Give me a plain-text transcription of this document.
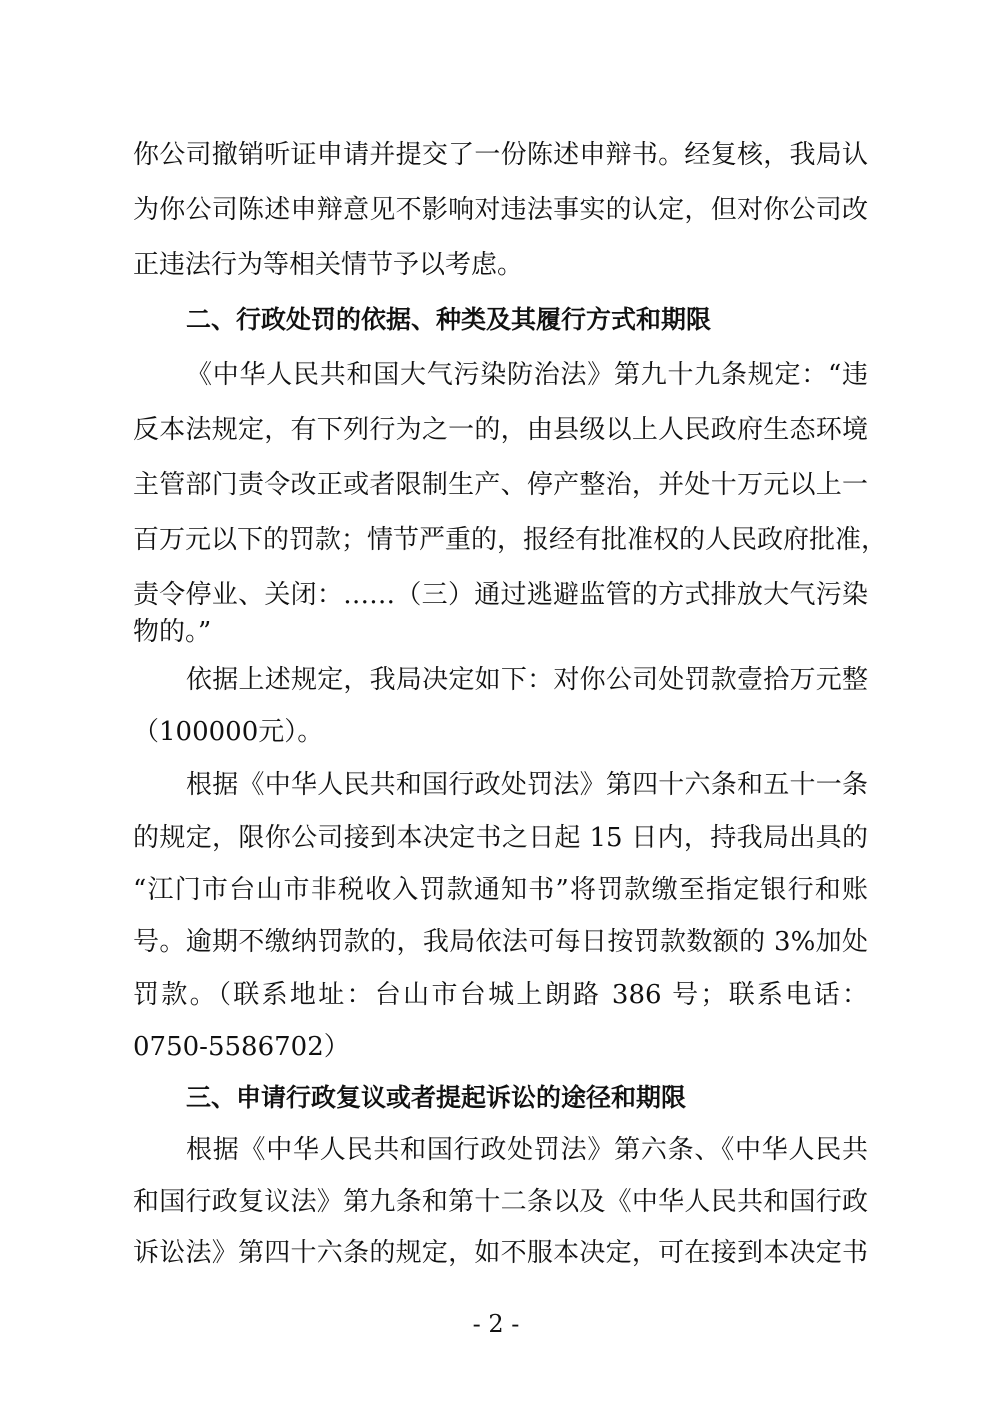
你公司撤销听证申请并提交了一份陈述申辩书。经复核，我局认
为你公司陈述申辩意见不影响对违法事实的认定，但对你公司改
正违法行为等相关情节予以考虑。
二、行政处罚的依据、种类及其履行方式和期限
《中华人民共和国大气污染防治法》第九十九条规定：“违
反本法规定，有下列行为之一的，由县级以上人民政府生态环境
主管部门责令改正或者限制生产、停产整治，并处十万元以上一
百万元以下的罚款；情节严重的，报经有批准权的人民政府批准，
责令停业、关闭：……（三）通过逃避监管的方式排放大气污染
物的。”
依据上述规定，我局决定如下：对你公司处罚款壹拾万元整
（100000元）。
根据《中华人民共和国行政处罚法》第四十六条和五十一条
的规定，限你公司接到本决定书之日起 15 日内，持我局出具的
“江门市台山市非税收入罚款通知书”将罚款缴至指定银行和账
号。逾期不缴纳罚款的，我局依法可每日按罚款数额的 3%加处
罚款。（联系地址：台山市台城上朗路 386 号；联系电话：
0750-5586702）
三、申请行政复议或者提起诉讼的途径和期限
根据《中华人民共和国行政处罚法》第六条、《中华人民共
和国行政复议法》第九条和第十二条以及《中华人民共和国行政
诉讼法》第四十六条的规定，如不服本决定，可在接到本决定书
- 2 -
